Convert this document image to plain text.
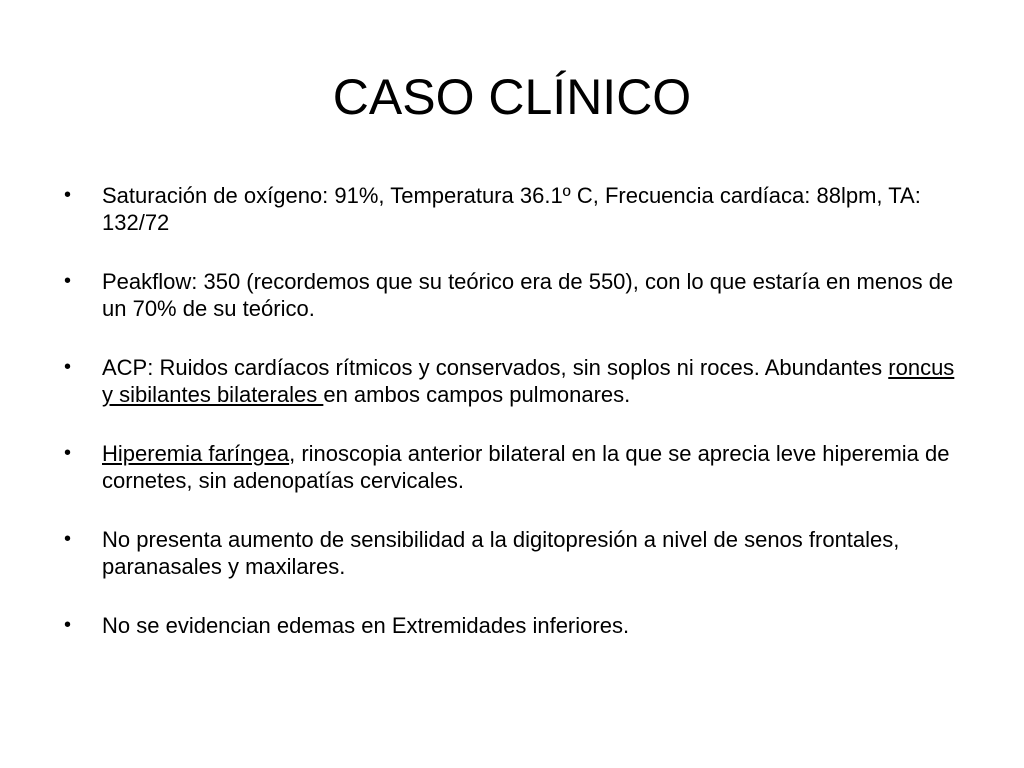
CASO CLÍNICO
• Saturación de oxígeno: 91%, Temperatura 36.1º C, Frecuencia cardíaca: 88lpm, TA: 132/72
• Peakflow: 350 (recordemos que su teórico era de 550), con lo que estaría en menos de un 70% de su teórico.
• ACP: Ruidos cardíacos rítmicos y conservados, sin soplos ni roces. Abundantes roncus y sibilantes bilaterales en ambos campos pulmonares.
• Hiperemia faríngea, rinoscopia anterior bilateral en la que se aprecia leve hiperemia de cornetes, sin adenopatías cervicales.
• No presenta aumento de sensibilidad a la digitopresión a nivel de senos frontales, paranasales y maxilares.
• No se evidencian edemas en Extremidades inferiores.
